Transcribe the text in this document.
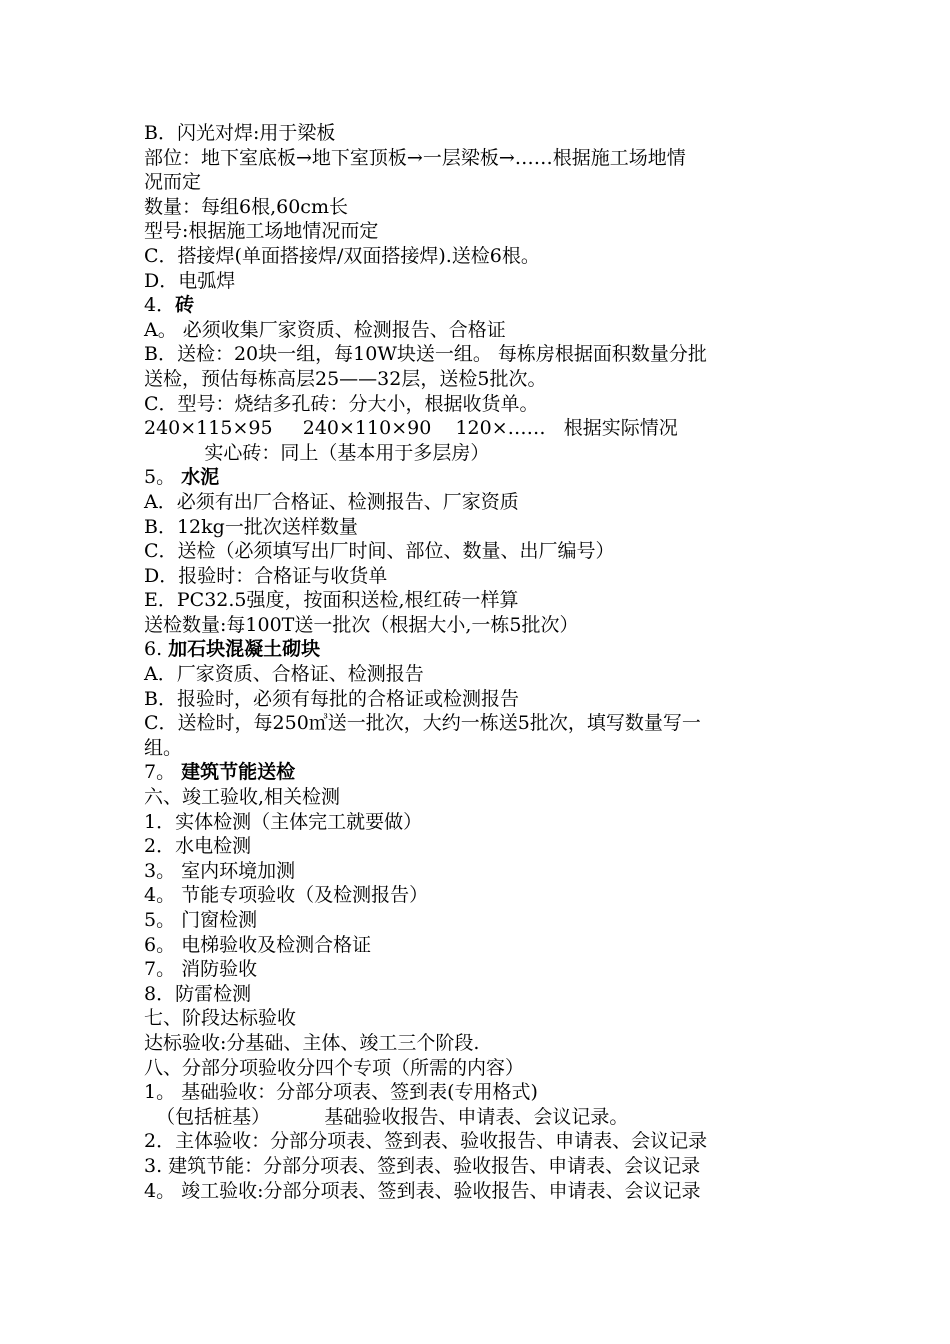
B．闪光对焊:用于梁板
部位：地下室底板→地下室顶板→一层梁板→……根据施工场地情
况而定
数量：每组6根,60cm长
型号:根据施工场地情况而定
C．搭接焊(单面搭接焊/双面搭接焊).送检6根。
D．电弧焊
4．砖
A。 必须收集厂家资质、检测报告、合格证
B．送检：20块一组，每10W块送一组。 每栋房根据面积数量分批
送检，预估每栋高层25——32层，送检5批次。
C．型号：烧结多孔砖：分大小，根据收货单。
240×115×95     240×110×90    120×……   根据实际情况
实心砖：同上（基本用于多层房）
5。 水泥
A．必须有出厂合格证、检测报告、厂家资质
B．12kg一批次送样数量
C．送检（必须填写出厂时间、部位、数量、出厂编号）
D．报验时：合格证与收货单
E．PC32.5强度，按面积送检,根红砖一样算
送检数量:每100T送一批次（根据大小,一栋5批次）
6. 加石块混凝土砌块
A．厂家资质、合格证、检测报告
B．报验时，必须有每批的合格证或检测报告
C．送检时，每250㎥送一批次，大约一栋送5批次，填写数量写一
组。
7。 建筑节能送检
六、竣工验收,相关检测
1．实体检测（主体完工就要做）
2．水电检测
3。 室内环境加测
4。 节能专项验收（及检测报告）
5。 门窗检测
6。 电梯验收及检测合格证
7。 消防验收
8．防雷检测
七、阶段达标验收
达标验收:分基础、主体、竣工三个阶段.
八、分部分项验收分四个专项（所需的内容）
1。 基础验收：分部分项表、签到表(专用格式)
（包括桩基）         基础验收报告、申请表、会议记录。
2．主体验收：分部分项表、签到表、验收报告、申请表、会议记录
3. 建筑节能：分部分项表、签到表、验收报告、申请表、会议记录
4。 竣工验收:分部分项表、签到表、验收报告、申请表、会议记录
